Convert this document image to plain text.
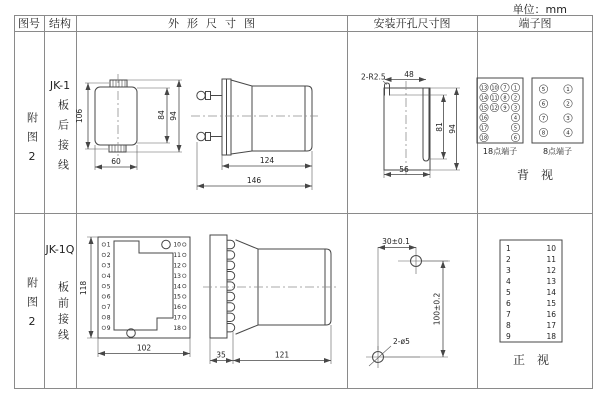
单位：mm
图号 结构	外形尺寸图	安装开孔尺寸图	端子图
附图2
JK-1
板后接线
附图2
JK-1Q
板前接线
18点端子	8点端子
背视
正视
106	84 94
60	124
146
2-R2.5 48
81 94
56
13
14
15
16
17
18
10
11
12
7
8
9
1
2
3
4
5
6
5
6
7
8
1
2
3
4
1
2
3
4
5
6
7
8
9
10
11
12
13
14
15
16
17
18
118
102
35	121
30±0.1
100±0.2
2-ø5
1
2
3
4
5
6
7
8
9
10
11
12
13
14
15
16
17
18
